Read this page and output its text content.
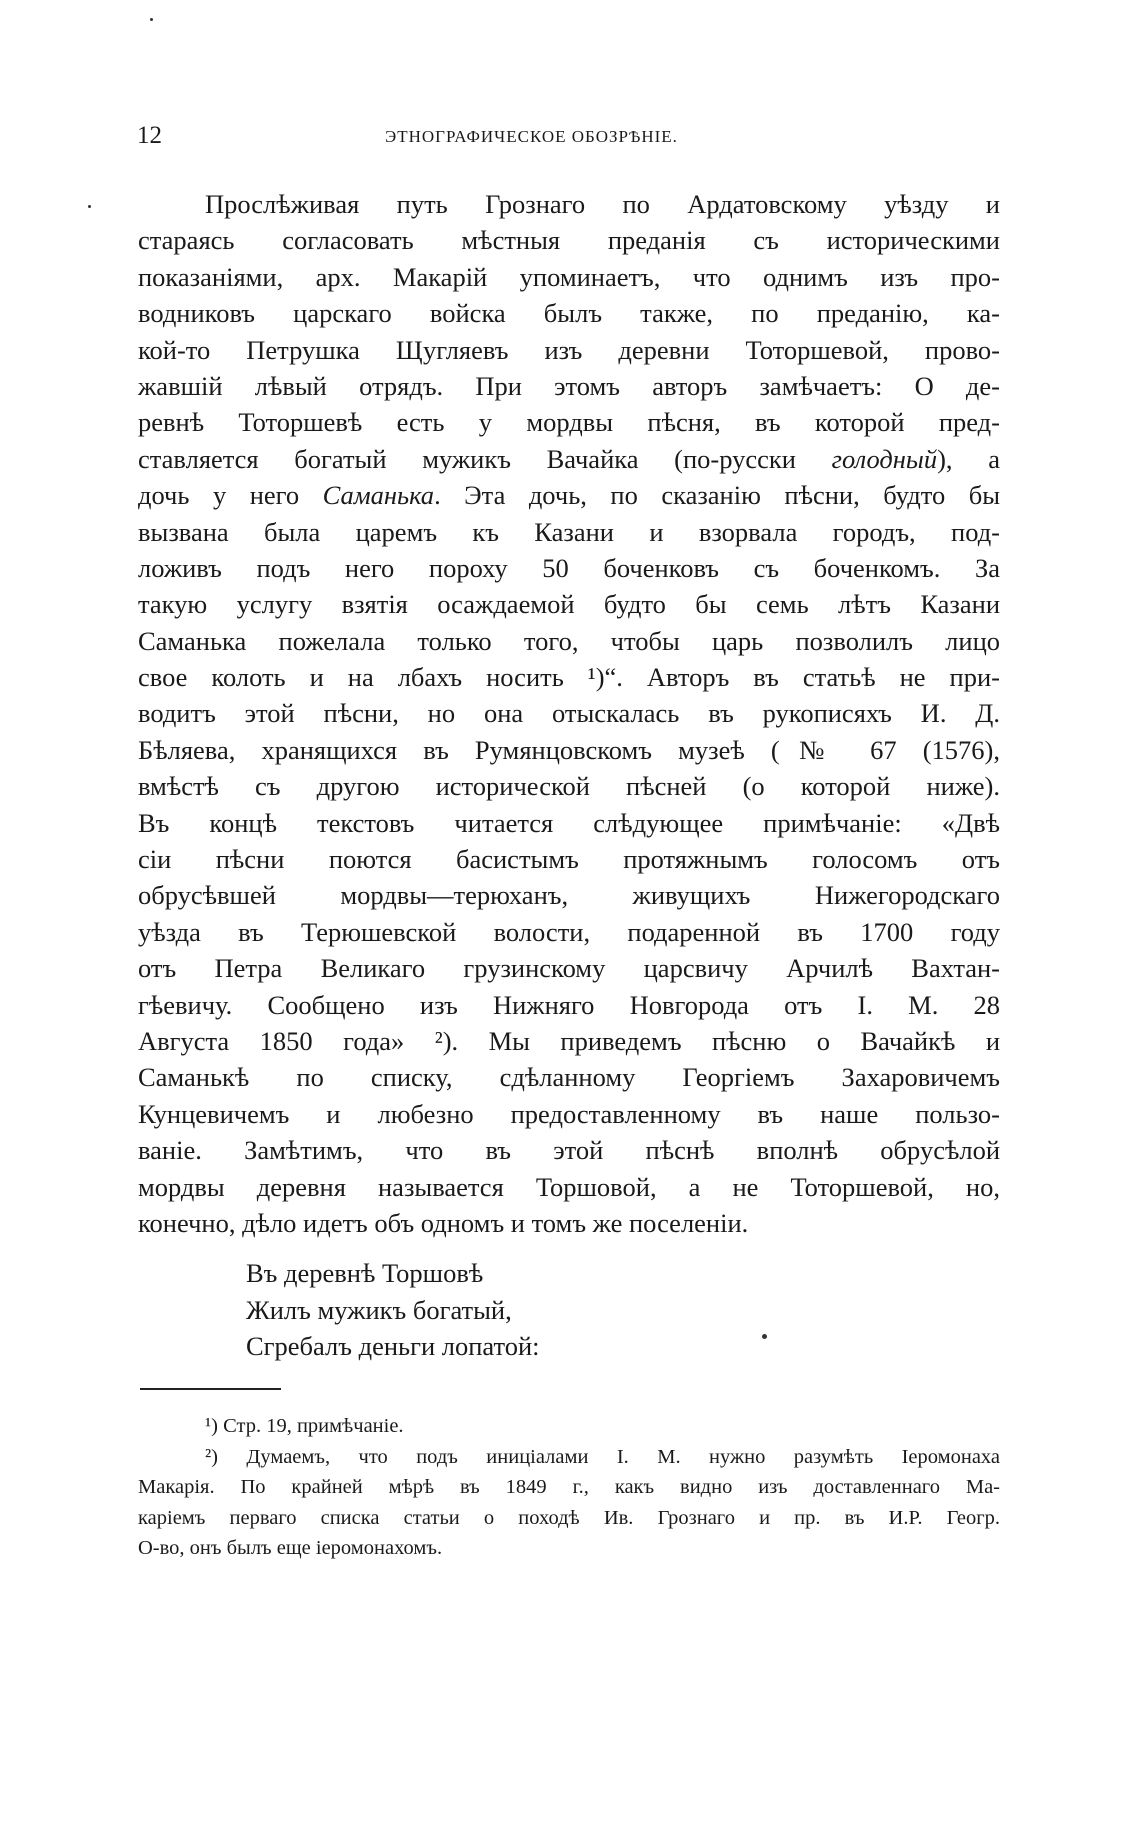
12	ЭТНОГРАФИЧЕСКОЕ ОБОЗРѢНІЕ.
Прослѣживая путь Грознаго по Ардатовскому уѣзду и
стараясь согласовать мѣстныя преданія съ историческими
показаніями, арх. Макарій упоминаетъ, что однимъ изъ про-
водниковъ царскаго войска былъ также, по преданію, ка-
кой-то Петрушка Щугляевъ изъ деревни Тоторшевой, прово-
жавшій лѣвый отрядъ. При этомъ авторъ замѣчаетъ: О де-
ревнѣ Тоторшевѣ есть у мордвы пѣсня, въ которой пред-
ставляется богатый мужикъ Вачайка (по-русски голодный), а
дочь у него Саманька. Эта дочь, по сказанію пѣсни, будто бы
вызвана была царемъ къ Казани и взорвала городъ, под-
ложивъ подъ него пороху 50 боченковъ съ боченкомъ. За
такую услугу взятія осаждаемой будто бы семь лѣтъ Казани
Саманька пожелала только того, чтобы царь позволилъ лицо
свое колоть и на лбахъ носить ¹)“. Авторъ въ статьѣ не при-
водитъ этой пѣсни, но она отыскалась въ рукописяхъ И. Д.
Бѣляева, хранящихся въ Румянцовскомъ музеѣ (№ 67 (1576),
вмѣстѣ съ другою исторической пѣсней (о которой ниже).
Въ концѣ текстовъ читается слѣдующее примѣчаніе: «Двѣ
сіи пѣсни поются басистымъ протяжнымъ голосомъ отъ
обрусѣвшей мордвы—терюханъ, живущихъ Нижегородскаго
уѣзда въ Терюшевской волости, подаренной въ 1700 году
отъ Петра Великаго грузинскому царсвичу Арчилѣ Вахтан-
гѣевичу. Сообщено изъ Нижняго Новгорода отъ І. М. 28
Августа 1850 года» ²). Мы приведемъ пѣсню о Вачайкѣ и
Саманькѣ по списку, сдѣланному Георгіемъ Захаровичемъ
Кунцевичемъ и любезно предоставленному въ наше пользо-
ваніе. Замѣтимъ, что въ этой пѣснѣ вполнѣ обрусѣлой
мордвы деревня называется Торшовой, а не Тоторшевой, но,
конечно, дѣло идетъ объ одномъ и томъ же поселеніи.
Въ деревнѣ Торшовѣ
Жилъ мужикъ богатый,
Сгребалъ деньги лопатой:
¹) Стр. 19, примѣчаніе.
²) Думаемъ, что подъ иниціалами І. М. нужно разумѣть Іеромонаха
Макарія. По крайней мѣрѣ въ 1849 г., какъ видно изъ доставленнаго Ма-
каріемъ перваго списка статьи о походѣ Ив. Грознаго и пр. въ И.Р. Геогр.
О-во, онъ былъ еще іеромонахомъ.
